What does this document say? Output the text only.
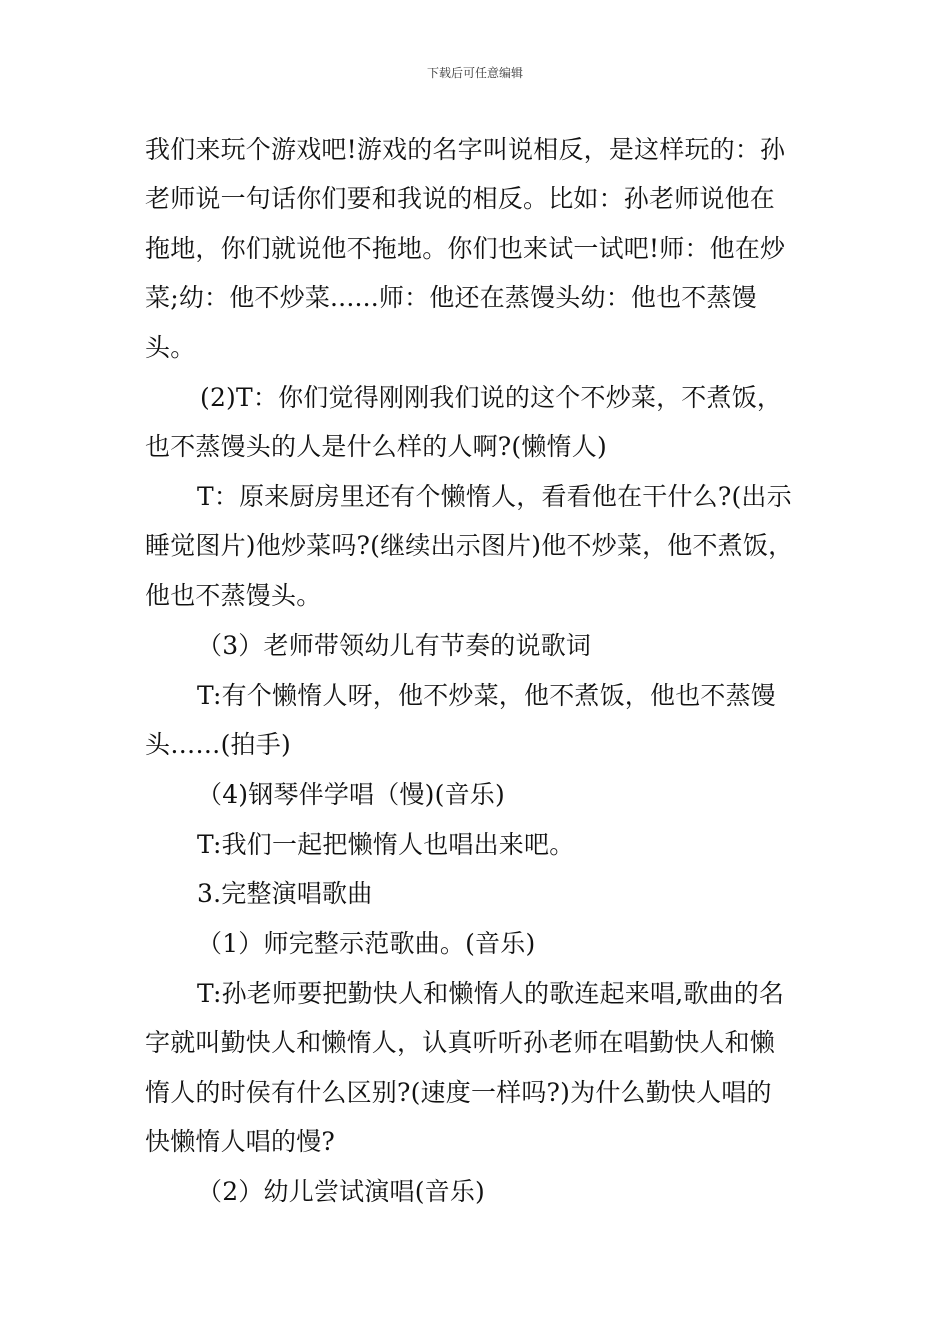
下载后可任意编辑
我们来玩个游戏吧!游戏的名字叫说相反，是这样玩的：孙
老师说一句话你们要和我说的相反。比如：孙老师说他在
拖地，你们就说他不拖地。你们也来试一试吧!师：他在炒
菜;幼：他不炒菜......师：他还在蒸馒头幼：他也不蒸馒
头。
(2)T：你们觉得刚刚我们说的这个不炒菜，不煮饭，
也不蒸馒头的人是什么样的人啊?(懒惰人)
T：原来厨房里还有个懒惰人，看看他在干什么?(出示
睡觉图片)他炒菜吗?(继续出示图片)他不炒菜，他不煮饭，
他也不蒸馒头。
（3）老师带领幼儿有节奏的说歌词
T:有个懒惰人呀，他不炒菜，他不煮饭，他也不蒸馒
头……(拍手)
（4)钢琴伴学唱（慢)(音乐)
T:我们一起把懒惰人也唱出来吧。
3.完整演唱歌曲
（1）师完整示范歌曲。(音乐)
T:孙老师要把勤快人和懒惰人的歌连起来唱,歌曲的名
字就叫勤快人和懒惰人，认真听听孙老师在唱勤快人和懒
惰人的时侯有什么区别?(速度一样吗?)为什么勤快人唱的
快懒惰人唱的慢?
（2）幼儿尝试演唱(音乐)
